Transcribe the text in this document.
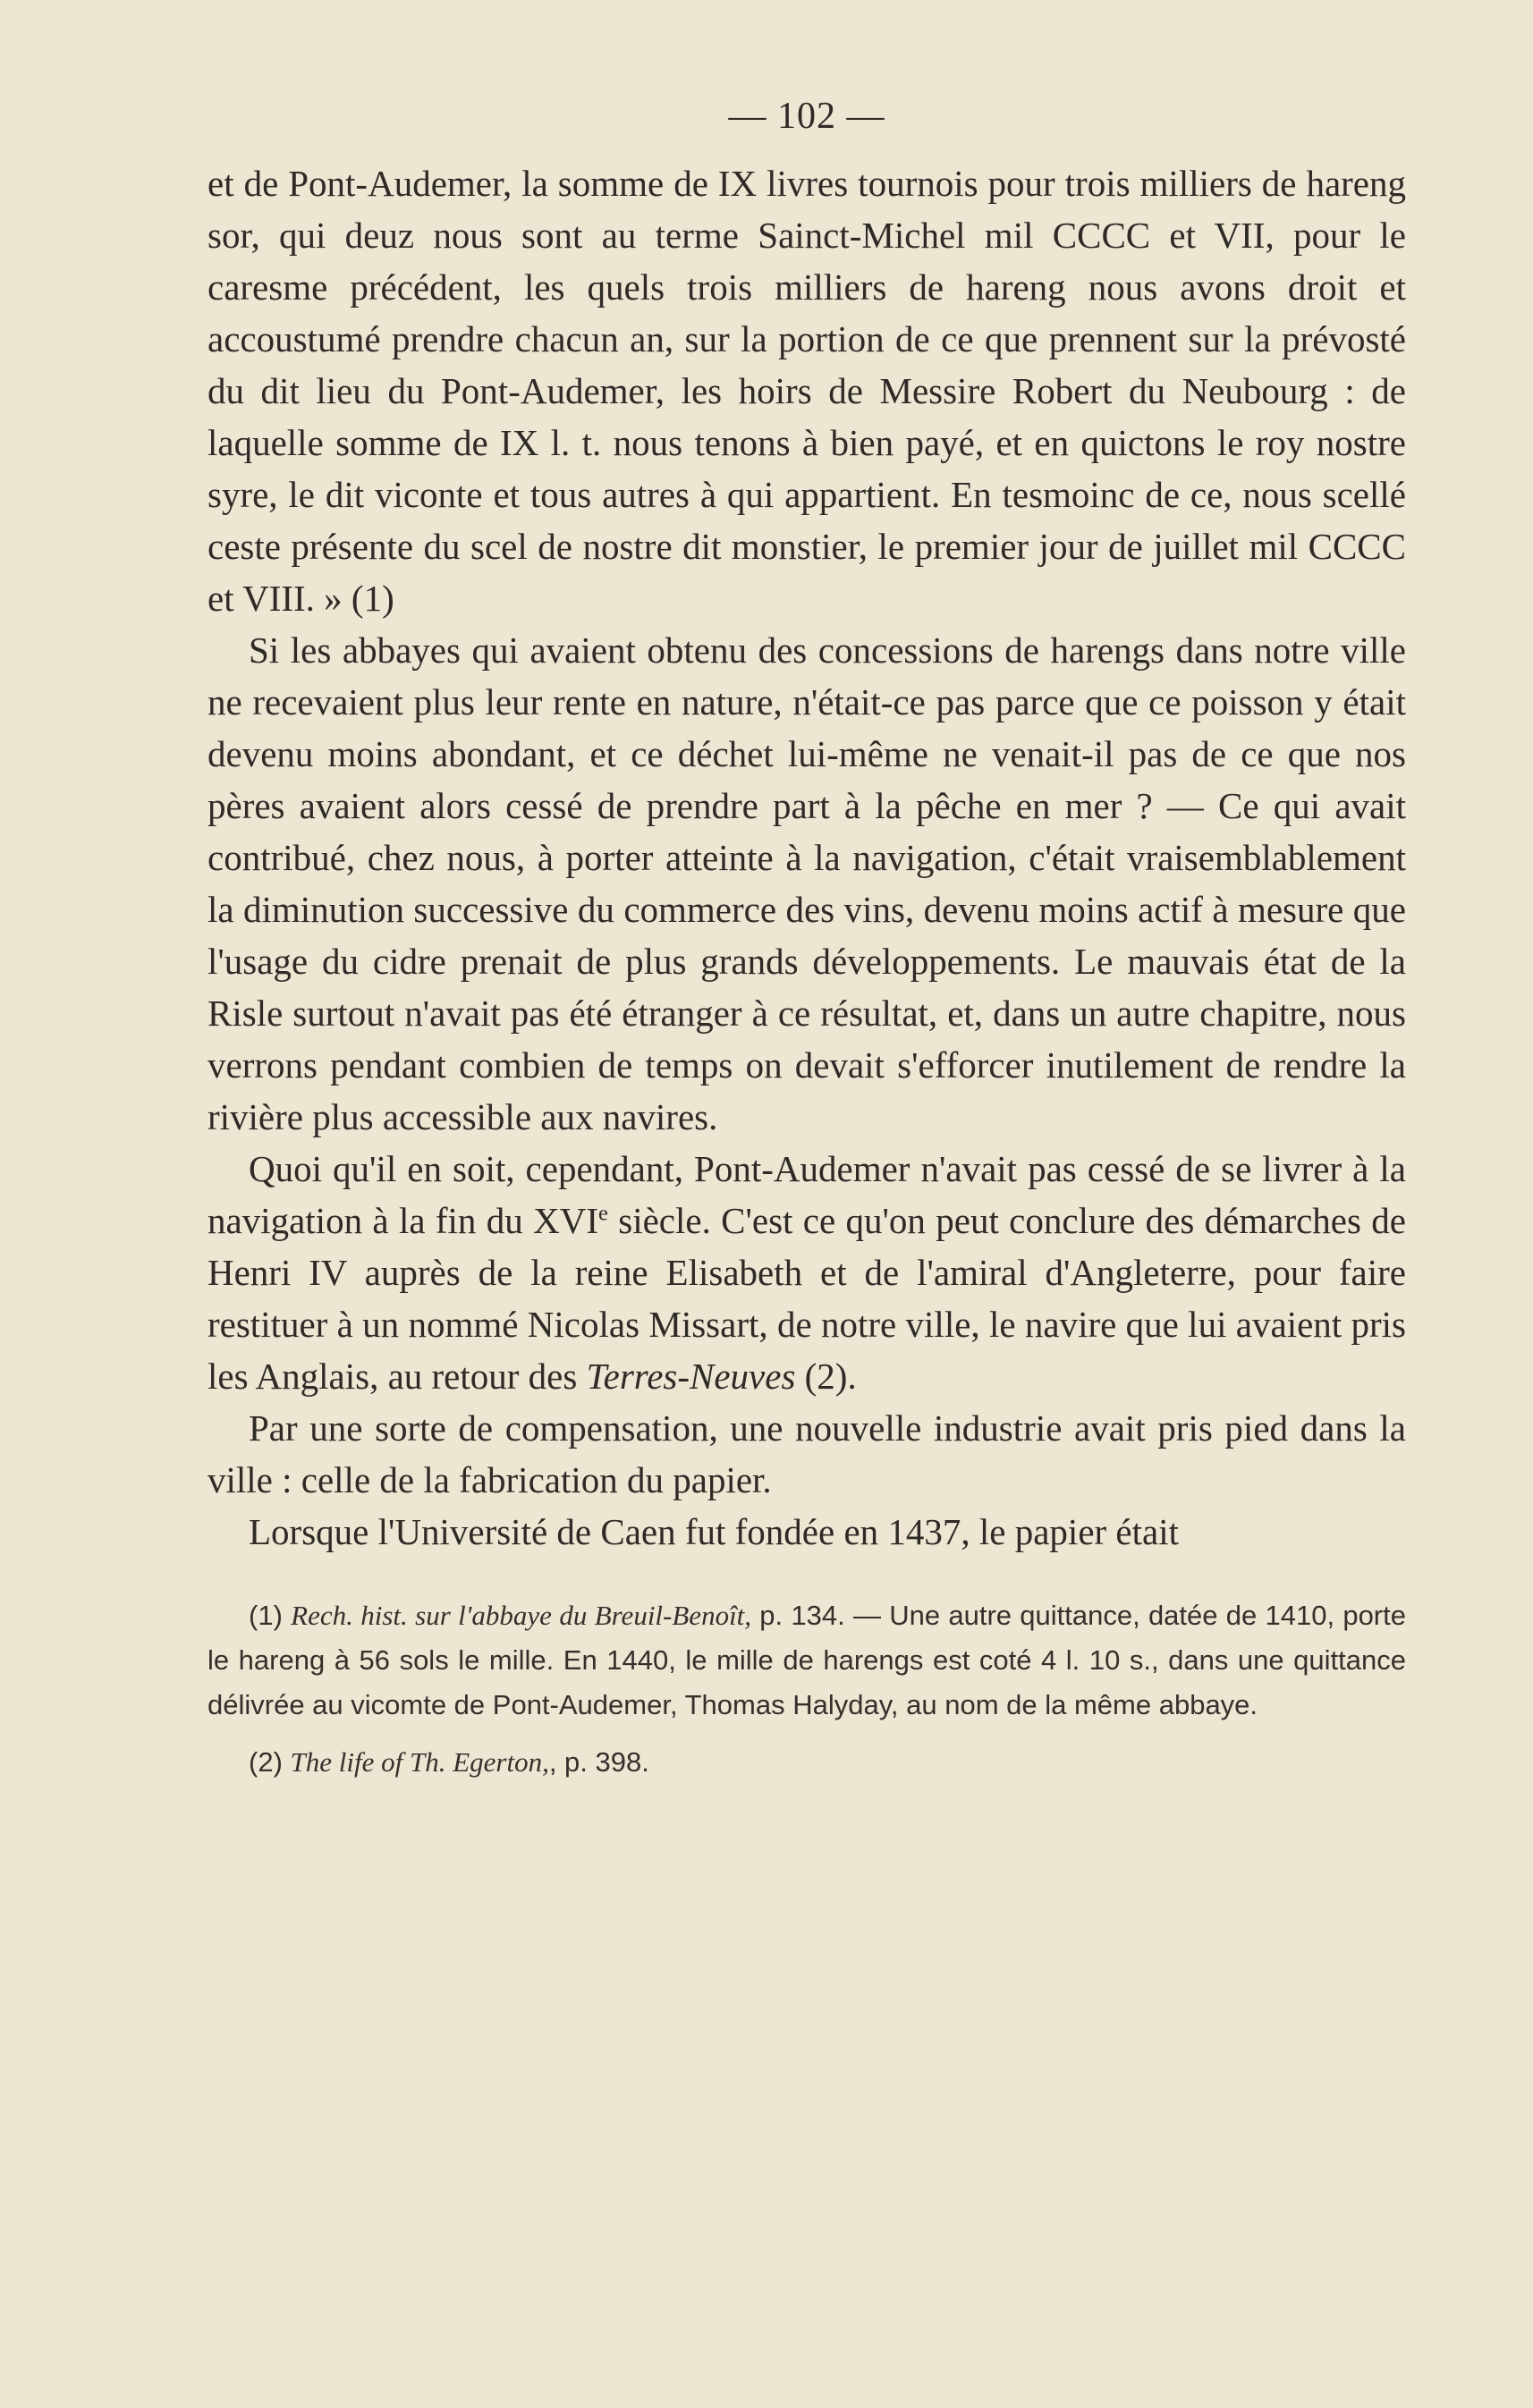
— 102 —

et de Pont-Audemer, la somme de IX livres tournois pour trois milliers de hareng sor, qui deuz nous sont au terme Sainct-Michel mil CCCC et VII, pour le caresme précédent, les quels trois milliers de hareng nous avons droit et accoustumé prendre chacun an, sur la portion de ce que prennent sur la prévosté du dit lieu du Pont-Audemer, les hoirs de Messire Robert du Neubourg : de laquelle somme de IX l. t. nous tenons à bien payé, et en quictons le roy nostre syre, le dit viconte et tous autres à qui appartient. En tesmoinc de ce, nous scellé ceste présente du scel de nostre dit monstier, le premier jour de juillet mil CCCC et VIII. » (1)

Si les abbayes qui avaient obtenu des concessions de harengs dans notre ville ne recevaient plus leur rente en nature, n'était-ce pas parce que ce poisson y était devenu moins abondant, et ce déchet lui-même ne venait-il pas de ce que nos pères avaient alors cessé de prendre part à la pêche en mer ? — Ce qui avait contribué, chez nous, à porter atteinte à la navigation, c'était vraisemblablement la diminution successive du commerce des vins, devenu moins actif à mesure que l'usage du cidre prenait de plus grands développements. Le mauvais état de la Risle surtout n'avait pas été étranger à ce résultat, et, dans un autre chapitre, nous verrons pendant combien de temps on devait s'efforcer inutilement de rendre la rivière plus accessible aux navires.

Quoi qu'il en soit, cependant, Pont-Audemer n'avait pas cessé de se livrer à la navigation à la fin du XVIe siècle. C'est ce qu'on peut conclure des démarches de Henri IV auprès de la reine Elisabeth et de l'amiral d'Angleterre, pour faire restituer à un nommé Nicolas Missart, de notre ville, le navire que lui avaient pris les Anglais, au retour des Terres-Neuves (2).

Par une sorte de compensation, une nouvelle industrie avait pris pied dans la ville : celle de la fabrication du papier.

Lorsque l'Université de Caen fut fondée en 1437, le papier était

(1) Rech. hist. sur l'abbaye du Breuil-Benoît, p. 134. — Une autre quittance, datée de 1410, porte le hareng à 56 sols le mille. En 1440, le mille de harengs est coté 4 l. 10 s., dans une quittance délivrée au vicomte de Pont-Audemer, Thomas Halyday, au nom de la même abbaye.

(2) The life of Th. Egerton,, p. 398.
